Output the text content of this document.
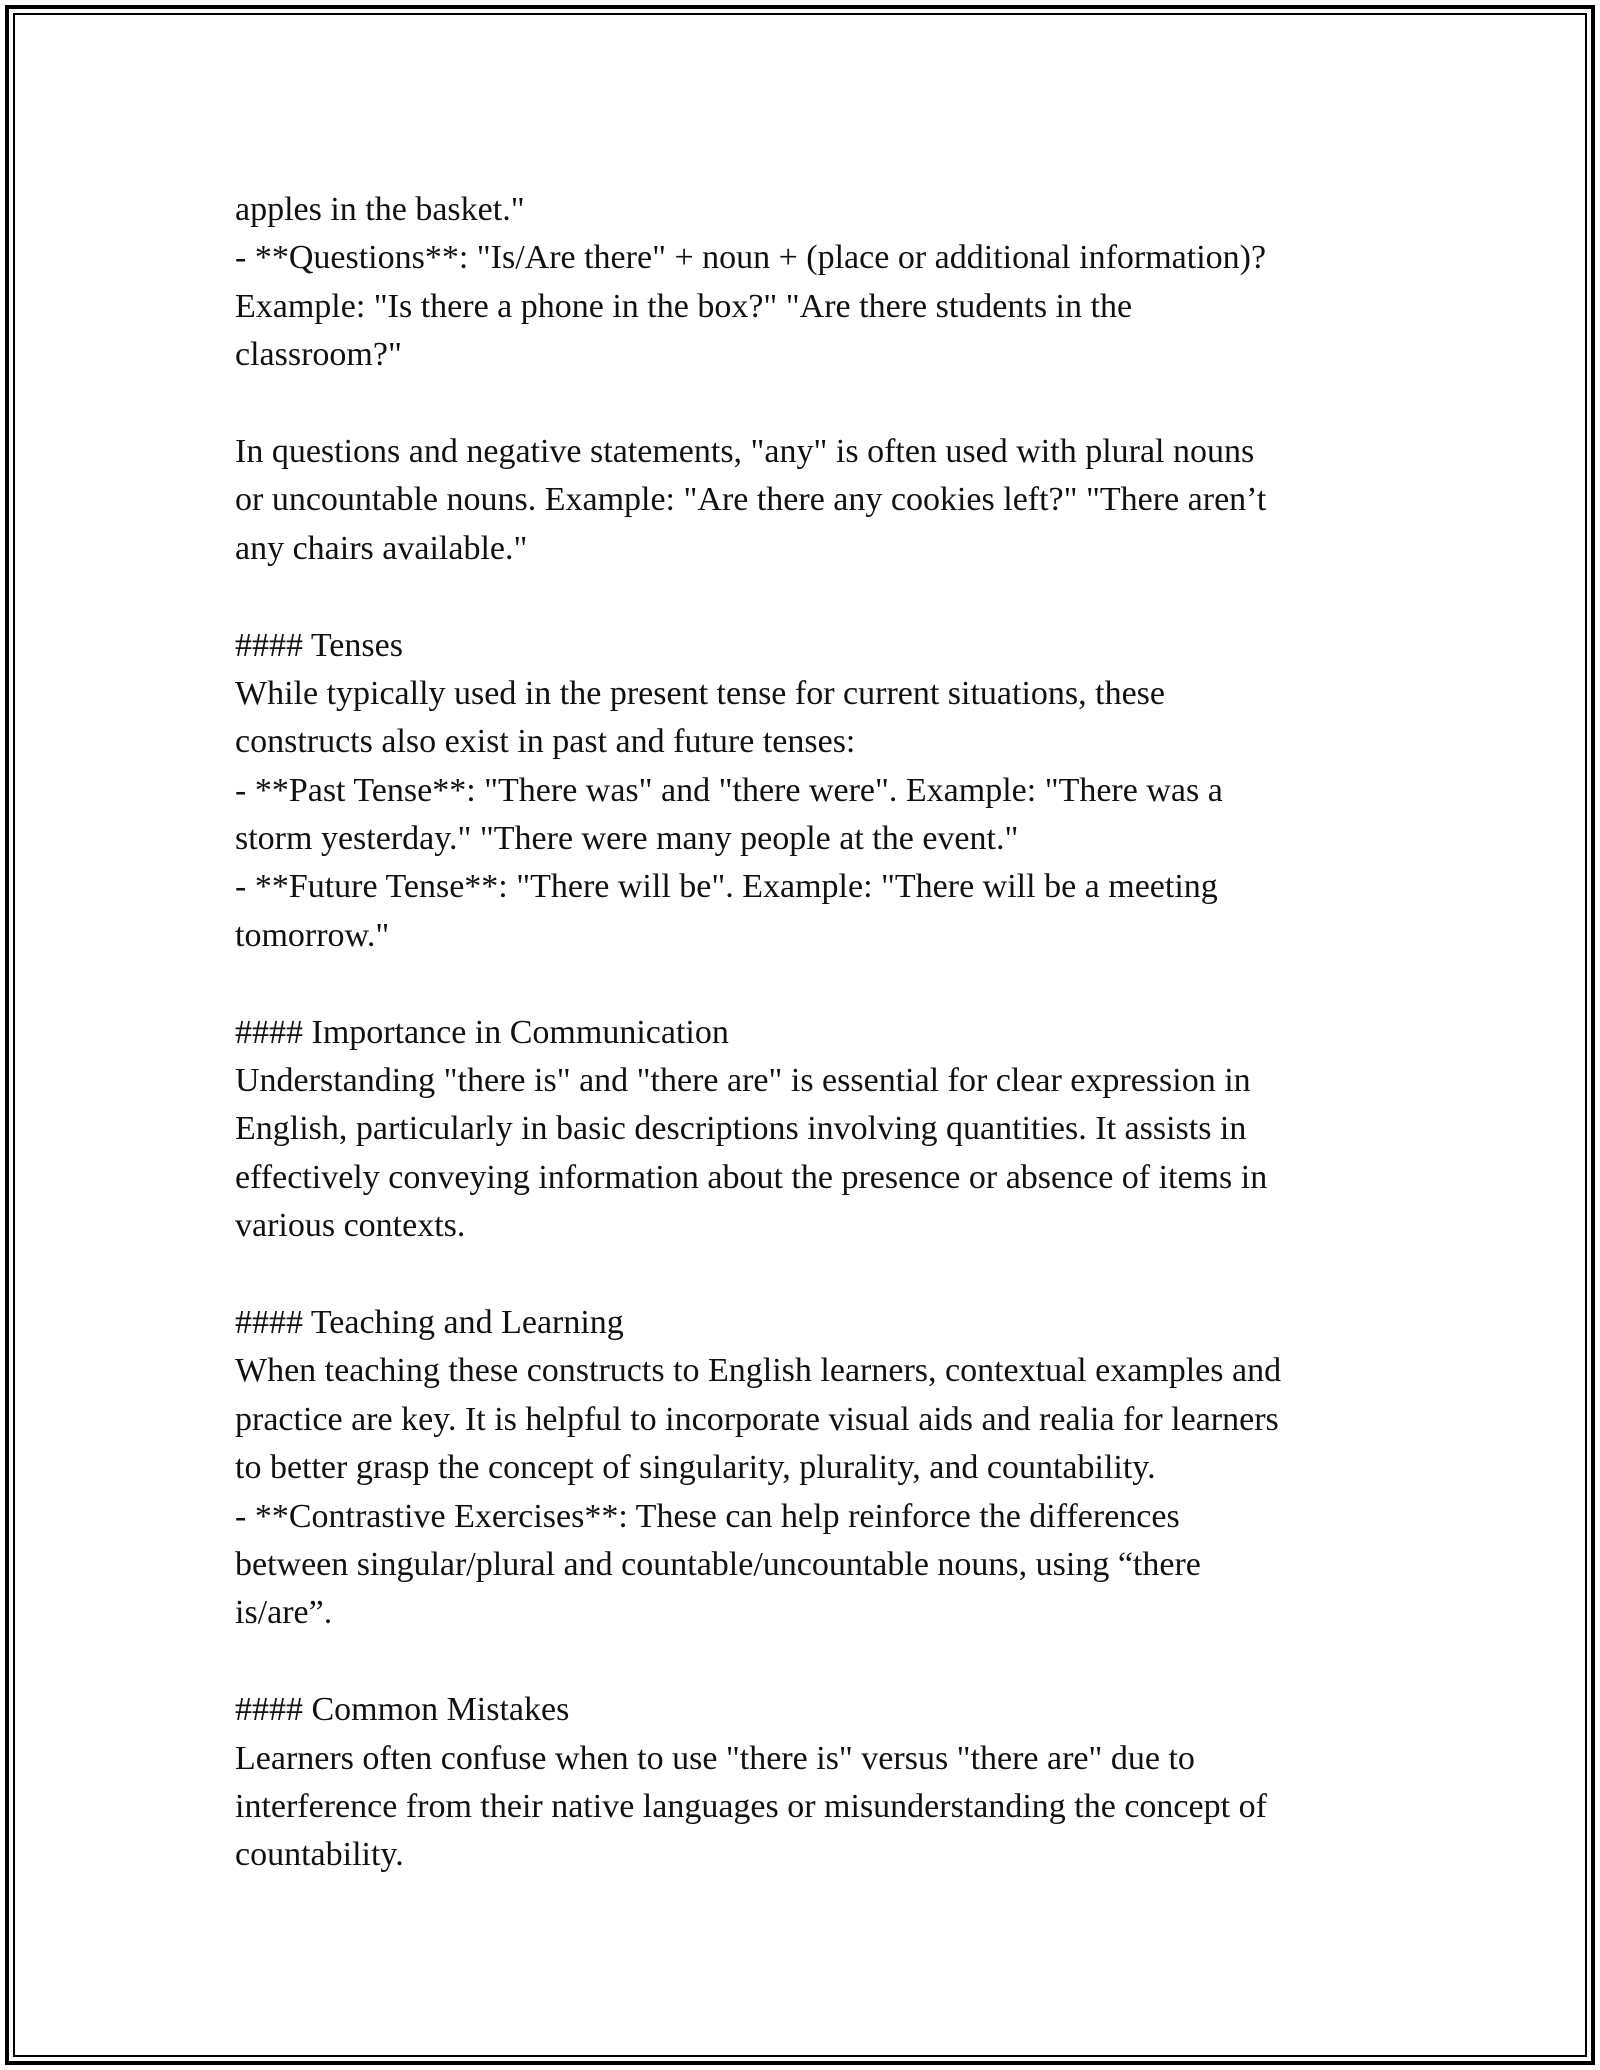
apples in the basket."
- **Questions**: "Is/Are there" + noun + (place or additional information)?
Example: "Is there a phone in the box?" "Are there students in the
classroom?"
In questions and negative statements, "any" is often used with plural nouns
or uncountable nouns. Example: "Are there any cookies left?" "There aren’t
any chairs available."
#### Tenses
While typically used in the present tense for current situations, these
constructs also exist in past and future tenses:
- **Past Tense**: "There was" and "there were". Example: "There was a
storm yesterday." "There were many people at the event."
- **Future Tense**: "There will be". Example: "There will be a meeting
tomorrow."
#### Importance in Communication
Understanding "there is" and "there are" is essential for clear expression in
English, particularly in basic descriptions involving quantities. It assists in
effectively conveying information about the presence or absence of items in
various contexts.
#### Teaching and Learning
When teaching these constructs to English learners, contextual examples and
practice are key. It is helpful to incorporate visual aids and realia for learners
to better grasp the concept of singularity, plurality, and countability.
- **Contrastive Exercises**: These can help reinforce the differences
between singular/plural and countable/uncountable nouns, using “there
is/are”.
#### Common Mistakes
Learners often confuse when to use "there is" versus "there are" due to
interference from their native languages or misunderstanding the concept of
countability.
